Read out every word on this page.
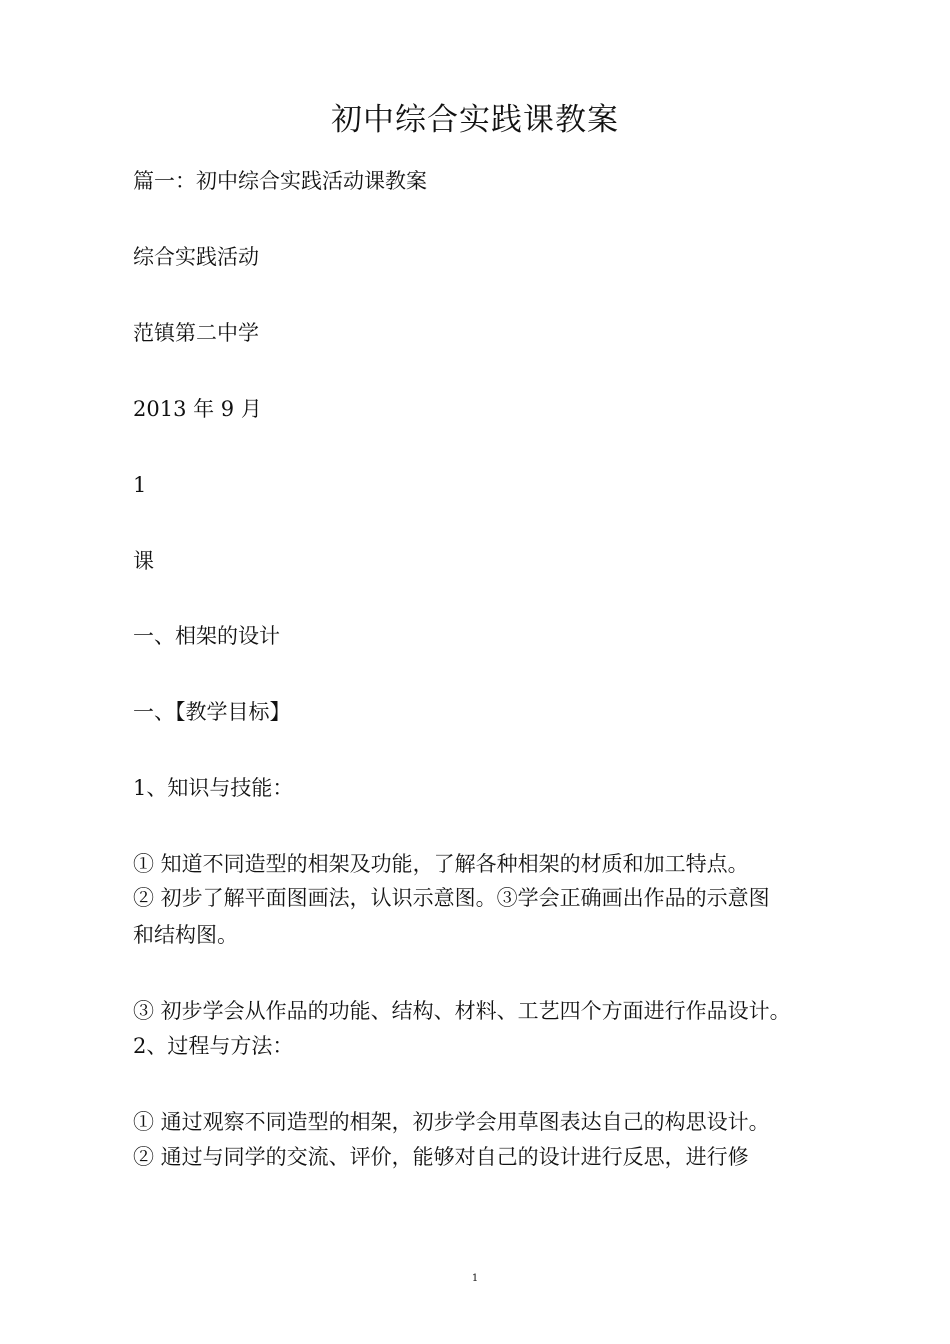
初中综合实践课教案
篇一：初中综合实践活动课教案
综合实践活动
范镇第二中学
2013 年 9 月
1
课
一、相架的设计
一、【教学目标】
1、知识与技能：
① 知道不同造型的相架及功能，了解各种相架的材质和加工特点。
② 初步了解平面图画法，认识示意图。③学会正确画出作品的示意图
和结构图。
③ 初步学会从作品的功能、结构、材料、工艺四个方面进行作品设计。
2、过程与方法：
① 通过观察不同造型的相架，初步学会用草图表达自己的构思设计。
② 通过与同学的交流、评价，能够对自己的设计进行反思，进行修
1
